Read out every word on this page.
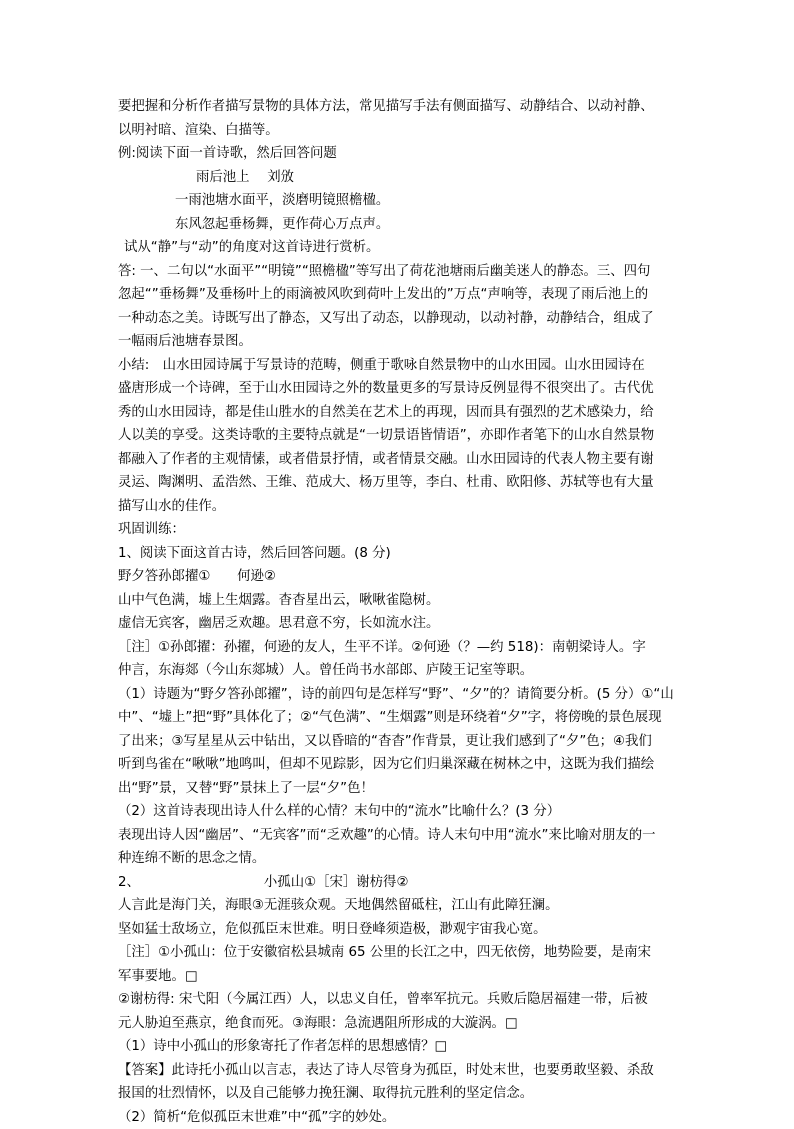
要把握和分析作者描写景物的具体方法，常见描写手法有侧面描写、动静结合、以动衬静、
以明衬暗、渲染、白描等。
例:阅读下面一首诗歌，然后回答问题
雨后池上　 刘攽
一雨池塘水面平，淡磨明镜照檐楹。
东风忽起垂杨舞，更作荷心万点声。
试从“静”与“动”的角度对这首诗进行赏析。
答: 一、二句以“水面平”“明镜”“照檐楹”等写出了荷花池塘雨后幽美迷人的静态。三、四句
忽起“”垂杨舞”及垂杨叶上的雨滴被风吹到荷叶上发出的”万点“声响等，表现了雨后池上的
一种动态之美。诗既写出了静态，又写出了动态，以静现动，以动衬静，动静结合，组成了
一幅雨后池塘春景图。
小结:　山水田园诗属于写景诗的范畴，侧重于歌咏自然景物中的山水田园。山水田园诗在
盛唐形成一个诗碑，至于山水田园诗之外的数量更多的写景诗反例显得不很突出了。古代优
秀的山水田园诗，都是佳山胜水的自然美在艺术上的再现，因而具有强烈的艺术感染力，给
人以美的享受。这类诗歌的主要特点就是“一切景语皆情语”，亦即作者笔下的山水自然景物
都融入了作者的主观情愫，或者借景抒情，或者情景交融。山水田园诗的代表人物主要有谢
灵运、陶渊明、孟浩然、王维、范成大、杨万里等，李白、杜甫、欧阳修、苏轼等也有大量
描写山水的佳作。
巩固训练：
1、阅读下面这首古诗，然后回答问题。(8 分)
野夕答孙郎擢①　　何逊②
山中气色满，墟上生烟露。杳杳星出云，啾啾雀隐树。
虚信无宾客，幽居乏欢趣。思君意不穷，长如流水注。
［注］①孙郎擢：孙擢，何逊的友人，生平不详。②何逊（？—约 518)：南朝梁诗人。字
仲言，东海郯（今山东郯城）人。曾任尚书水部郎、庐陵王记室等职。
（1）诗题为“野夕答孙郎擢”，诗的前四句是怎样写“野”、“夕”的？请简要分析。(5 分）①“山
中”、“墟上”把“野”具体化了；②“气色满”、“生烟露”则是环绕着“夕”字，将傍晚的景色展现
了出来；③写星星从云中钻出，又以昏暗的“杳杳”作背景，更让我们感到了“夕”色；④我们
听到鸟雀在“啾啾”地鸣叫，但却不见踪影，因为它们归巢深藏在树林之中，这既为我们描绘
出“野”景，又替“野”景抹上了一层“夕”色！
（2）这首诗表现出诗人什么样的心情？末句中的“流水”比喻什么？(3 分）
表现出诗人因“幽居”、“无宾客”而“乏欢趣”的心情。诗人末句中用“流水”来比喻对朋友的一
种连绵不断的思念之情。
2、	小孤山①［宋］谢枋得②
人言此是海门关，海眼③无涯骇众观。天地偶然留砥柱，江山有此障狂澜。
坚如猛士敌场立，危似孤臣末世难。明日登峰须造极，渺观宇宙我心宽。
［注］①小孤山：位于安徽宿松县城南 65 公里的长江之中，四无依傍，地势险要，是南宋
军事要地。□
②谢枋得: 宋弋阳（今属江西）人，以忠义自任，曾率军抗元。兵败后隐居福建一带，后被
元人胁迫至燕京，绝食而死。③海眼：急流遇阻所形成的大漩涡。□
（1）诗中小孤山的形象寄托了作者怎样的思想感情？□
【答案】此诗托小孤山以言志，表达了诗人尽管身为孤臣，时处末世，也要勇敢坚毅、杀敌
报国的壮烈情怀，以及自己能够力挽狂澜、取得抗元胜利的坚定信念。
（2）简析“危似孤臣末世难”中“孤”字的妙处。
